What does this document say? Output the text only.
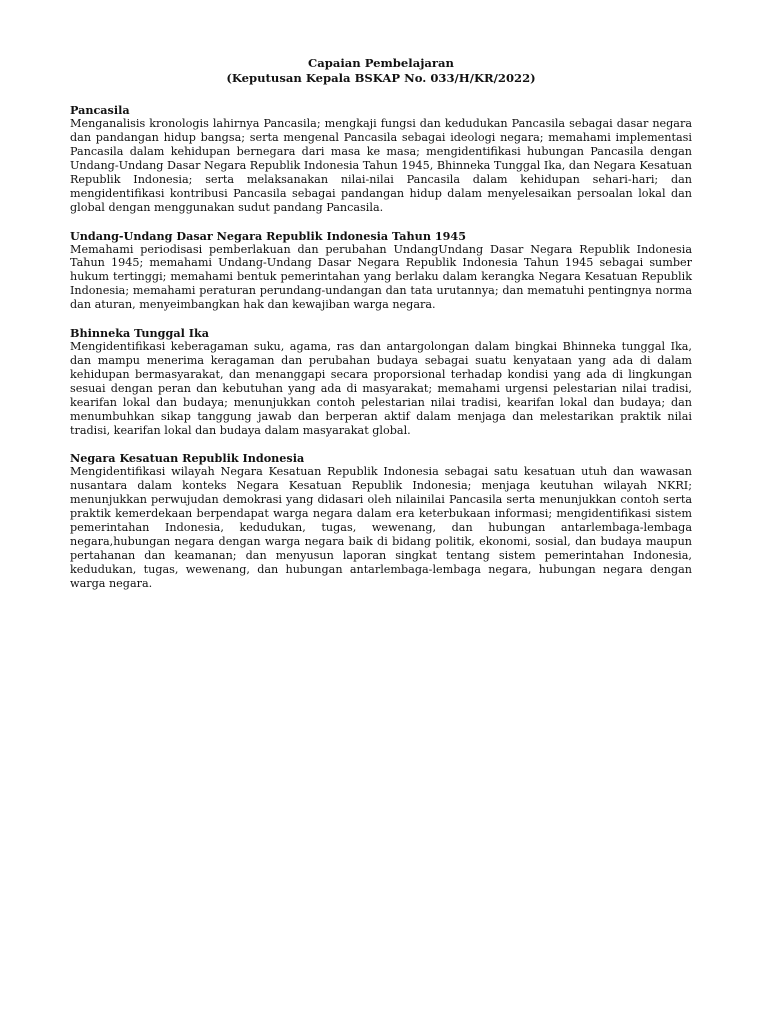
Capaian Pembelajaran

(Keputusan Kepala BSKAP No. 033/H/KR/2022)

Pancasila

Menganalisis kronologis lahirnya Pancasila; mengkaji fungsi dan kedudukan Pancasila sebagai dasar negara dan pandangan hidup bangsa; serta mengenal Pancasila sebagai ideologi negara; memahami implementasi Pancasila dalam kehidupan bernegara dari masa ke masa; mengidentifikasi hubungan Pancasila dengan Undang-Undang Dasar Negara Republik Indonesia Tahun 1945, Bhinneka Tunggal Ika, dan Negara Kesatuan Republik Indonesia; serta melaksanakan nilai-nilai Pancasila dalam kehidupan sehari-hari; dan mengidentifikasi kontribusi Pancasila sebagai pandangan hidup dalam menyelesaikan persoalan lokal dan global dengan menggunakan sudut pandang Pancasila.

Undang-Undang Dasar Negara Republik Indonesia Tahun 1945

Memahami periodisasi pemberlakuan dan perubahan UndangUndang Dasar Negara Republik Indonesia Tahun 1945; memahami Undang-Undang Dasar Negara Republik Indonesia Tahun 1945 sebagai sumber hukum tertinggi; memahami bentuk pemerintahan yang berlaku dalam kerangka Negara Kesatuan Republik Indonesia; memahami peraturan perundang-undangan dan tata urutannya; dan mematuhi pentingnya norma dan aturan, menyeimbangkan hak dan kewajiban warga negara.

Bhinneka Tunggal Ika

Mengidentifikasi keberagaman suku, agama, ras dan antargolongan dalam bingkai Bhinneka tunggal Ika, dan mampu menerima keragaman dan perubahan budaya sebagai suatu kenyataan yang ada di dalam kehidupan bermasyarakat, dan menanggapi secara proporsional terhadap kondisi yang ada di lingkungan sesuai dengan peran dan kebutuhan yang ada di masyarakat; memahami urgensi pelestarian nilai tradisi, kearifan lokal dan budaya; menunjukkan contoh pelestarian nilai tradisi, kearifan lokal dan budaya; dan menumbuhkan sikap tanggung jawab dan berperan aktif dalam menjaga dan melestarikan praktik nilai tradisi, kearifan lokal dan budaya dalam masyarakat global.

Negara Kesatuan Republik Indonesia

Mengidentifikasi wilayah Negara Kesatuan Republik Indonesia sebagai satu kesatuan utuh dan wawasan nusantara dalam konteks Negara Kesatuan Republik Indonesia; menjaga keutuhan wilayah NKRI; menunjukkan perwujudan demokrasi yang didasari oleh nilainilai Pancasila serta menunjukkan contoh serta praktik kemerdekaan berpendapat warga negara dalam era keterbukaan informasi; mengidentifikasi sistem pemerintahan Indonesia, kedudukan, tugas, wewenang, dan hubungan antarlembaga-lembaga negara,hubungan negara dengan warga negara baik di bidang politik, ekonomi, sosial, dan budaya maupun pertahanan dan keamanan; dan menyusun laporan singkat tentang sistem pemerintahan Indonesia, kedudukan, tugas, wewenang, dan hubungan antarlembaga-lembaga negara, hubungan negara dengan warga negara.
